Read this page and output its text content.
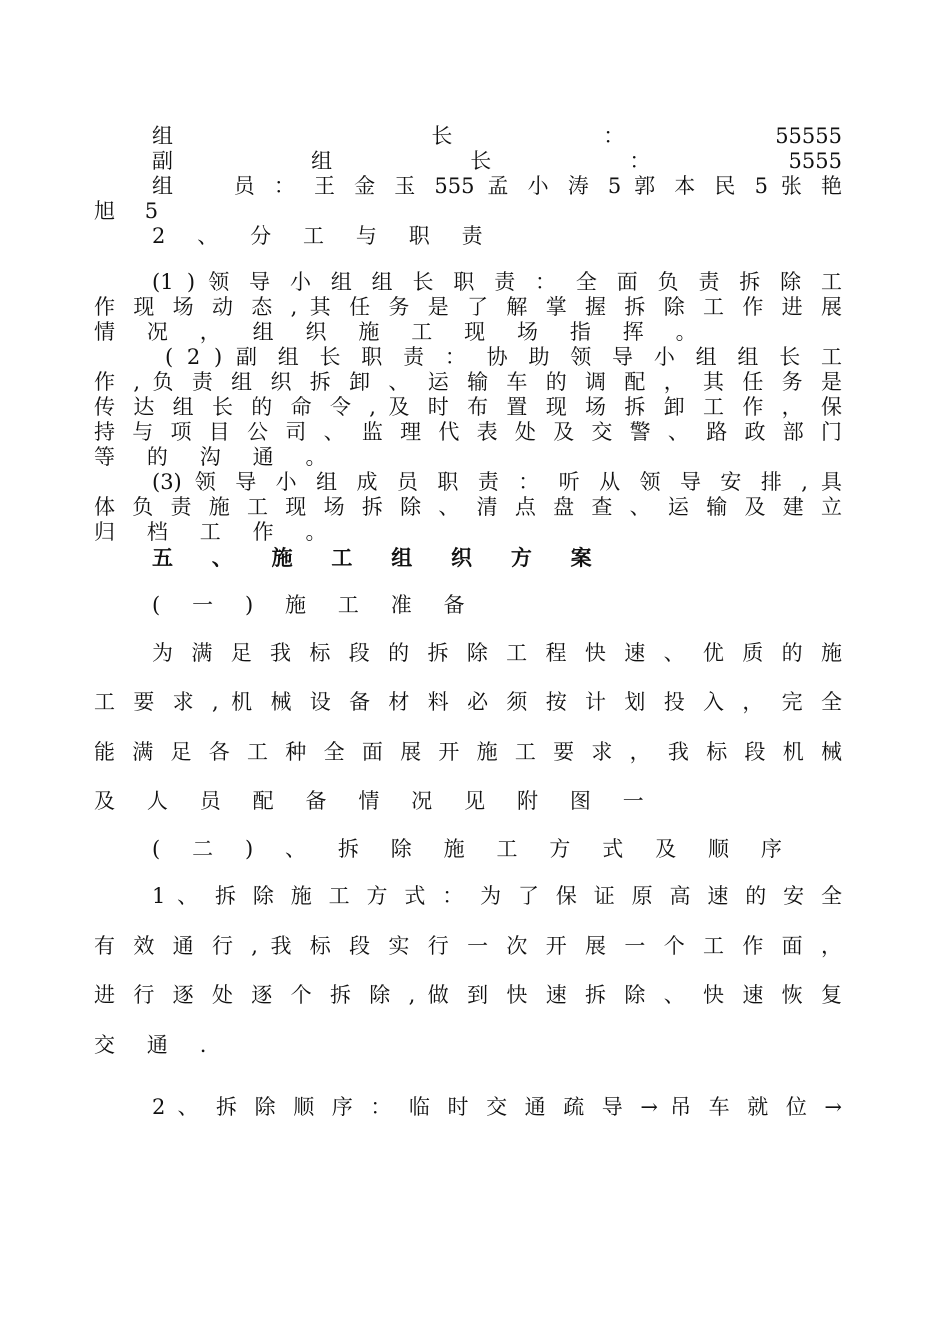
组　　长 ： 55555
副 组 长 ： 5555
组　　员 ： 王 金 玉 555 孟 小 涛 5 郭 本 民 5 张 艳
旭 5
2 、 分 工 与 职 责
(1 ) 领 导 小 组 组 长 职 责 ： 全 面 负 责 拆 除 工
作 现 场 动 态 , 其 任 务 是 了 解 掌 握 拆 除 工 作 进 展
情 况 ， 组 织 施 工 现 场 指 挥 。
( 2 ) 副 组 长 职 责 ： 协 助 领 导 小 组 组 长 工
作 , 负 责 组 织 拆 卸 、 运 输 车 的 调 配 ， 其 任 务 是
传 达 组 长 的 命 令 , 及 时 布 置 现 场 拆 卸 工 作 ， 保
持 与 项 目 公 司 、 监 理 代 表 处 及 交 警 、 路 政 部 门
等 的 沟 通 。
(3) 领 导 小 组 成 员 职 责 ： 听 从 领 导 安 排 , 具
体 负 责 施 工 现 场 拆 除 、 清 点 盘 查 、 运 输 及 建 立
归 档 工 作 。
五 、 施 工 组 织 方 案
( 一 ) 施 工 准 备
为 满 足 我 标 段 的 拆 除 工 程 快 速 、 优 质 的 施
工 要 求 , 机 械 设 备 材 料 必 须 按 计 划 投 入 ， 完 全
能 满 足 各 工 种 全 面 展 开 施 工 要 求 ， 我 标 段 机 械
及 人 员 配 备 情 况 见 附 图 一
( 二 ) 、 拆 除 施 工 方 式 及 顺 序
1 、 拆 除 施 工 方 式 ： 为 了 保 证 原 高 速 的 安 全
有 效 通 行 , 我 标 段 实 行 一 次 开 展 一 个 工 作 面 ，
进 行 逐 处 逐 个 拆 除 , 做 到 快 速 拆 除 、 快 速 恢 复
交 通 .
2 、 拆 除 顺 序 ： 临 时 交 通 疏 导 → 吊 车 就 位 →
